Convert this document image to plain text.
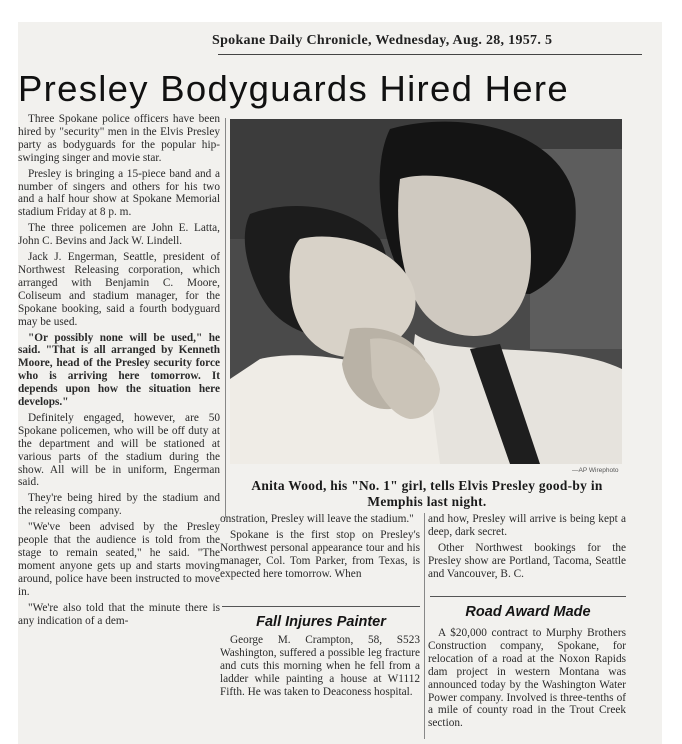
Spokane Daily Chronicle, Wednesday, Aug. 28, 1957. 5
Presley Bodyguards Hired Here

Three Spokane police officers have been hired by "security" men in the Elvis Presley party as bodyguards for the popular hip-swinging singer and movie star.

Presley is bringing a 15-piece band and a number of singers and others for his two and a half hour show at Spokane Memorial stadium Friday at 8 p. m.

The three policemen are John E. Latta, John C. Bevins and Jack W. Lindell.

Jack J. Engerman, Seattle, president of Northwest Releasing corporation, which arranged with Benjamin C. Moore, Coliseum and stadium manager, for the Spokane booking, said a fourth bodyguard may be used.

"Or possibly none will be used," he said. "That is all arranged by Kenneth Moore, head of the Presley security force who is arriving here tomorrow. It depends upon how the situation here develops."

Definitely engaged, however, are 50 Spokane policemen, who will be off duty at the department and will be stationed at various parts of the stadium during the show. All will be in uniform, Engerman said.

They're being hired by the stadium and the releasing company.

"We've been advised by the Presley people that the audience is told from the stage to remain seated," he said. "The moment anyone gets up and starts moving around, police have been instructed to move in.

"We're also told that the minute there is any indication of a dem-

—AP Wirephoto
Anita Wood, his "No. 1" girl, tells Elvis Presley good-by in Memphis last night.

onstration, Presley will leave the stadium."

Spokane is the first stop on Presley's Northwest personal appearance tour and his manager, Col. Tom Parker, from Texas, is expected here tomorrow. When

and how, Presley will arrive is being kept a deep, dark secret.

Other Northwest bookings for the Presley show are Portland, Tacoma, Seattle and Vancouver, B. C.

Fall Injures Painter

George M. Crampton, 58, S523 Washington, suffered a possible leg fracture and cuts this morning when he fell from a ladder while painting a house at W1112 Fifth. He was taken to Deaconess hospital.

Road Award Made

A $20,000 contract to Murphy Brothers Construction company, Spokane, for relocation of a road at the Noxon Rapids dam project in western Montana was announced today by the Washington Water Power company. Involved is three-tenths of a mile of county road in the Trout Creek section.
